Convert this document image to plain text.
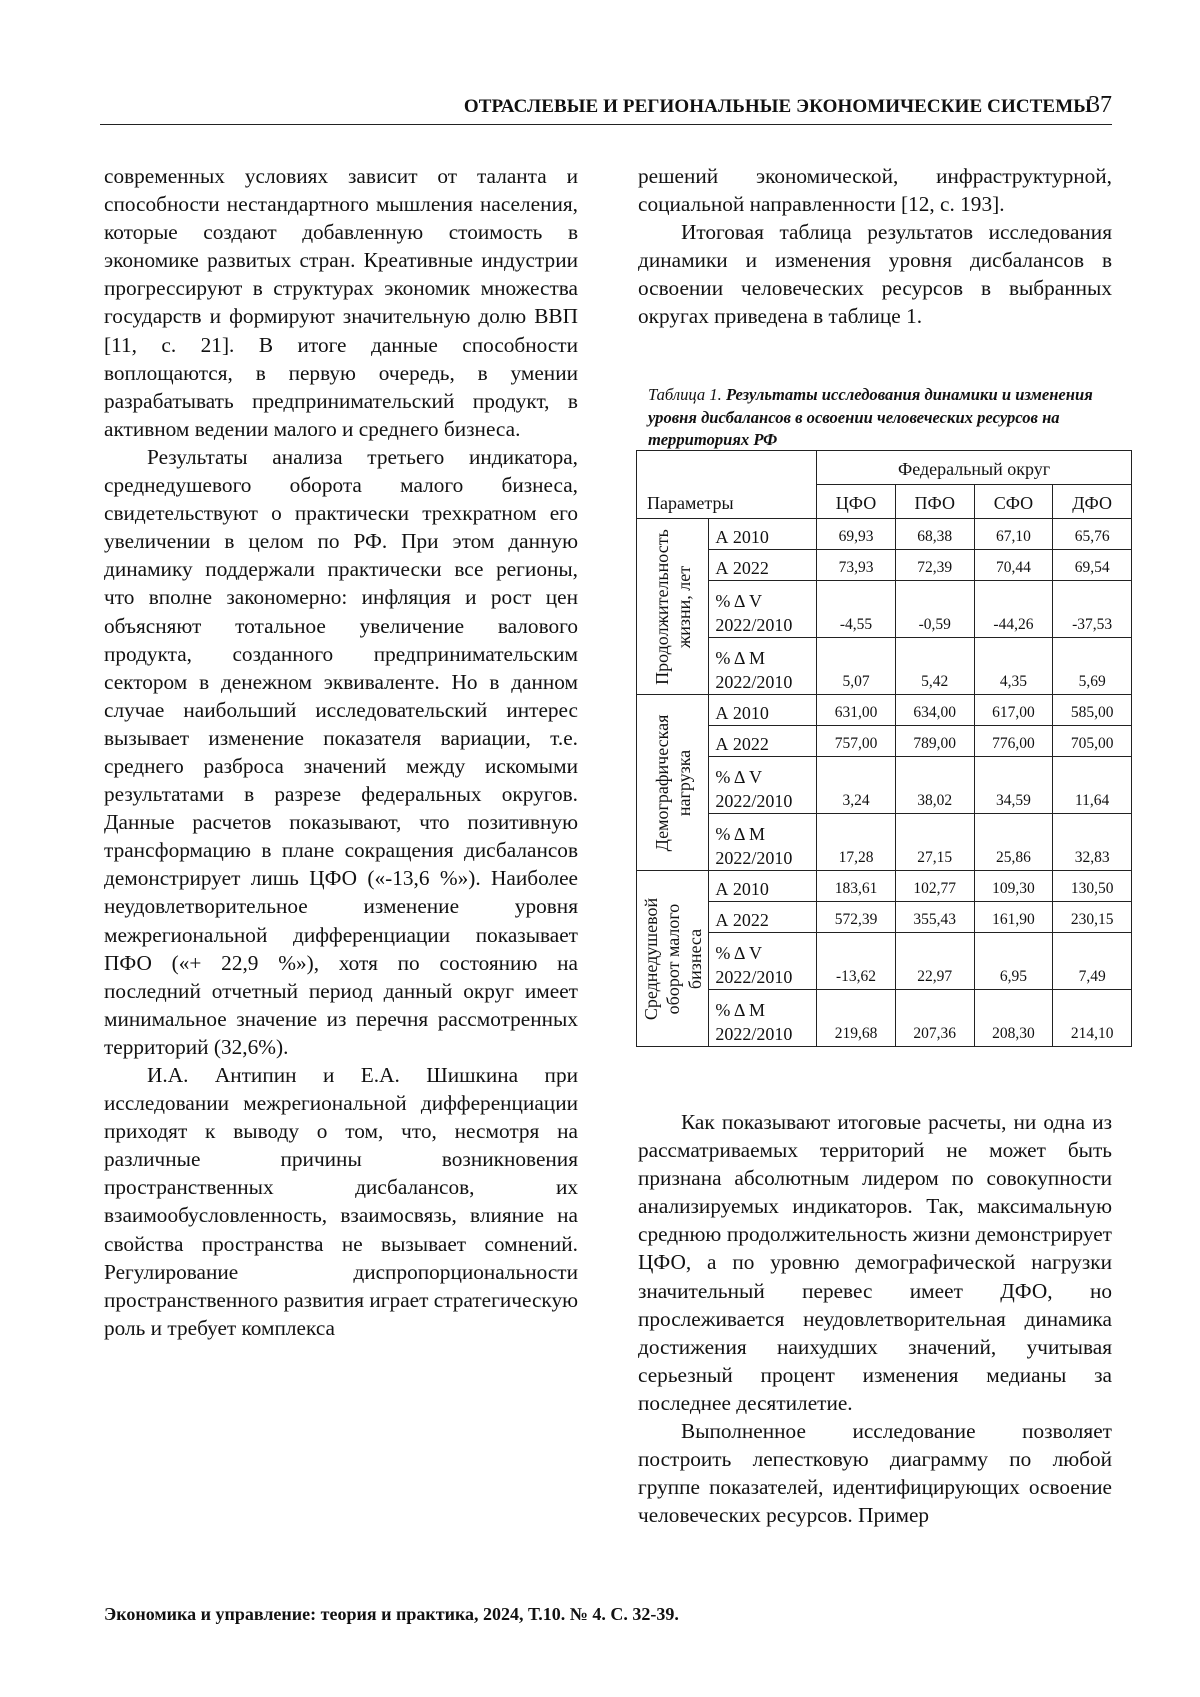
ОТРАСЛЕВЫЕ И РЕГИОНАЛЬНЫЕ ЭКОНОМИЧЕСКИЕ СИСТЕМЫ
37

современных условиях зависит от таланта и способности нестандартного мышления населения, которые создают добавленную стоимость в экономике развитых стран. Креативные индустрии прогрессируют в структурах экономик множества государств и формируют значительную долю ВВП [11, с. 21]. В итоге данные способности воплощаются, в первую очередь, в умении разрабатывать предпринимательский продукт, в активном ведении малого и среднего бизнеса.

Результаты анализа третьего индикатора, среднедушевого оборота малого бизнеса, свидетельствуют о практически трехкратном его увеличении в целом по РФ. При этом данную динамику поддержали практически все регионы, что вполне закономерно: инфляция и рост цен объясняют тотальное увеличение валового продукта, созданного предпринимательским сектором в денежном эквиваленте. Но в данном случае наибольший исследовательский интерес вызывает изменение показателя вариации, т.е. среднего разброса значений между искомыми результатами в разрезе федеральных округов. Данные расчетов показывают, что позитивную трансформацию в плане сокращения дисбалансов демонстрирует лишь ЦФО («-13,6 %»). Наиболее неудовлетворительное изменение уровня межрегиональной дифференциации показывает ПФО («+ 22,9 %»), хотя по состоянию на последний отчетный период данный округ имеет минимальное значение из перечня рассмотренных территорий (32,6%).

И.А. Антипин и Е.А. Шишкина при исследовании межрегиональной дифференциации приходят к выводу о том, что, несмотря на различные причины возникновения пространственных дисбалансов, их взаимообусловленность, взаимосвязь, влияние на свойства пространства не вызывает сомнений. Регулирование диспропорциональности пространственного развития играет стратегическую роль и требует комплекса

решений экономической, инфраструктурной, социальной направленности [12, с. 193].

Итоговая таблица результатов исследования динамики и изменения уровня дисбалансов в освоении человеческих ресурсов в выбранных округах приведена в таблице 1.

Таблица 1. Результаты исследования динамики и изменения уровня дисбалансов в освоении человеческих ресурсов на территориях РФ
Параметры		Федеральный округ			
		ЦФО	ПФО	СФО	ДФО

Продолжительность жизни, лет	А 2010	69,93	68,38	67,10	65,76
	А 2022	73,93	72,39	70,44	69,54
	% Δ V
2022/2010	-4,55	-0,59	-44,26	-37,53
	% Δ M
2022/2010	5,07	5,42	4,35	5,69

Демографическая нагрузка	А 2010	631,00	634,00	617,00	585,00
	А 2022	757,00	789,00	776,00	705,00
	% Δ V
2022/2010	3,24	38,02	34,59	11,64
	% Δ M
2022/2010	17,28	27,15	25,86	32,83

Среднедушевой оборот малого бизнеса	А 2010	183,61	102,77	109,30	130,50
	А 2022	572,39	355,43	161,90	230,15
	% Δ V
2022/2010	-13,62	22,97	6,95	7,49
	% Δ M
2022/2010	219,68	207,36	208,30	214,10

Как показывают итоговые расчеты, ни одна из рассматриваемых территорий не может быть признана абсолютным лидером по совокупности анализируемых индикаторов. Так, максимальную среднюю продолжительность жизни демонстрирует ЦФО, а по уровню демографической нагрузки значительный перевес имеет ДФО, но прослеживается неудовлетворительная динамика достижения наихудших значений, учитывая серьезный процент изменения медианы за последнее десятилетие.

Выполненное исследование позволяет построить лепестковую диаграмму по любой группе показателей, идентифицирующих освоение человеческих ресурсов. Пример

Экономика и управление: теория и практика, 2024, Т.10. № 4. С. 32-39.
